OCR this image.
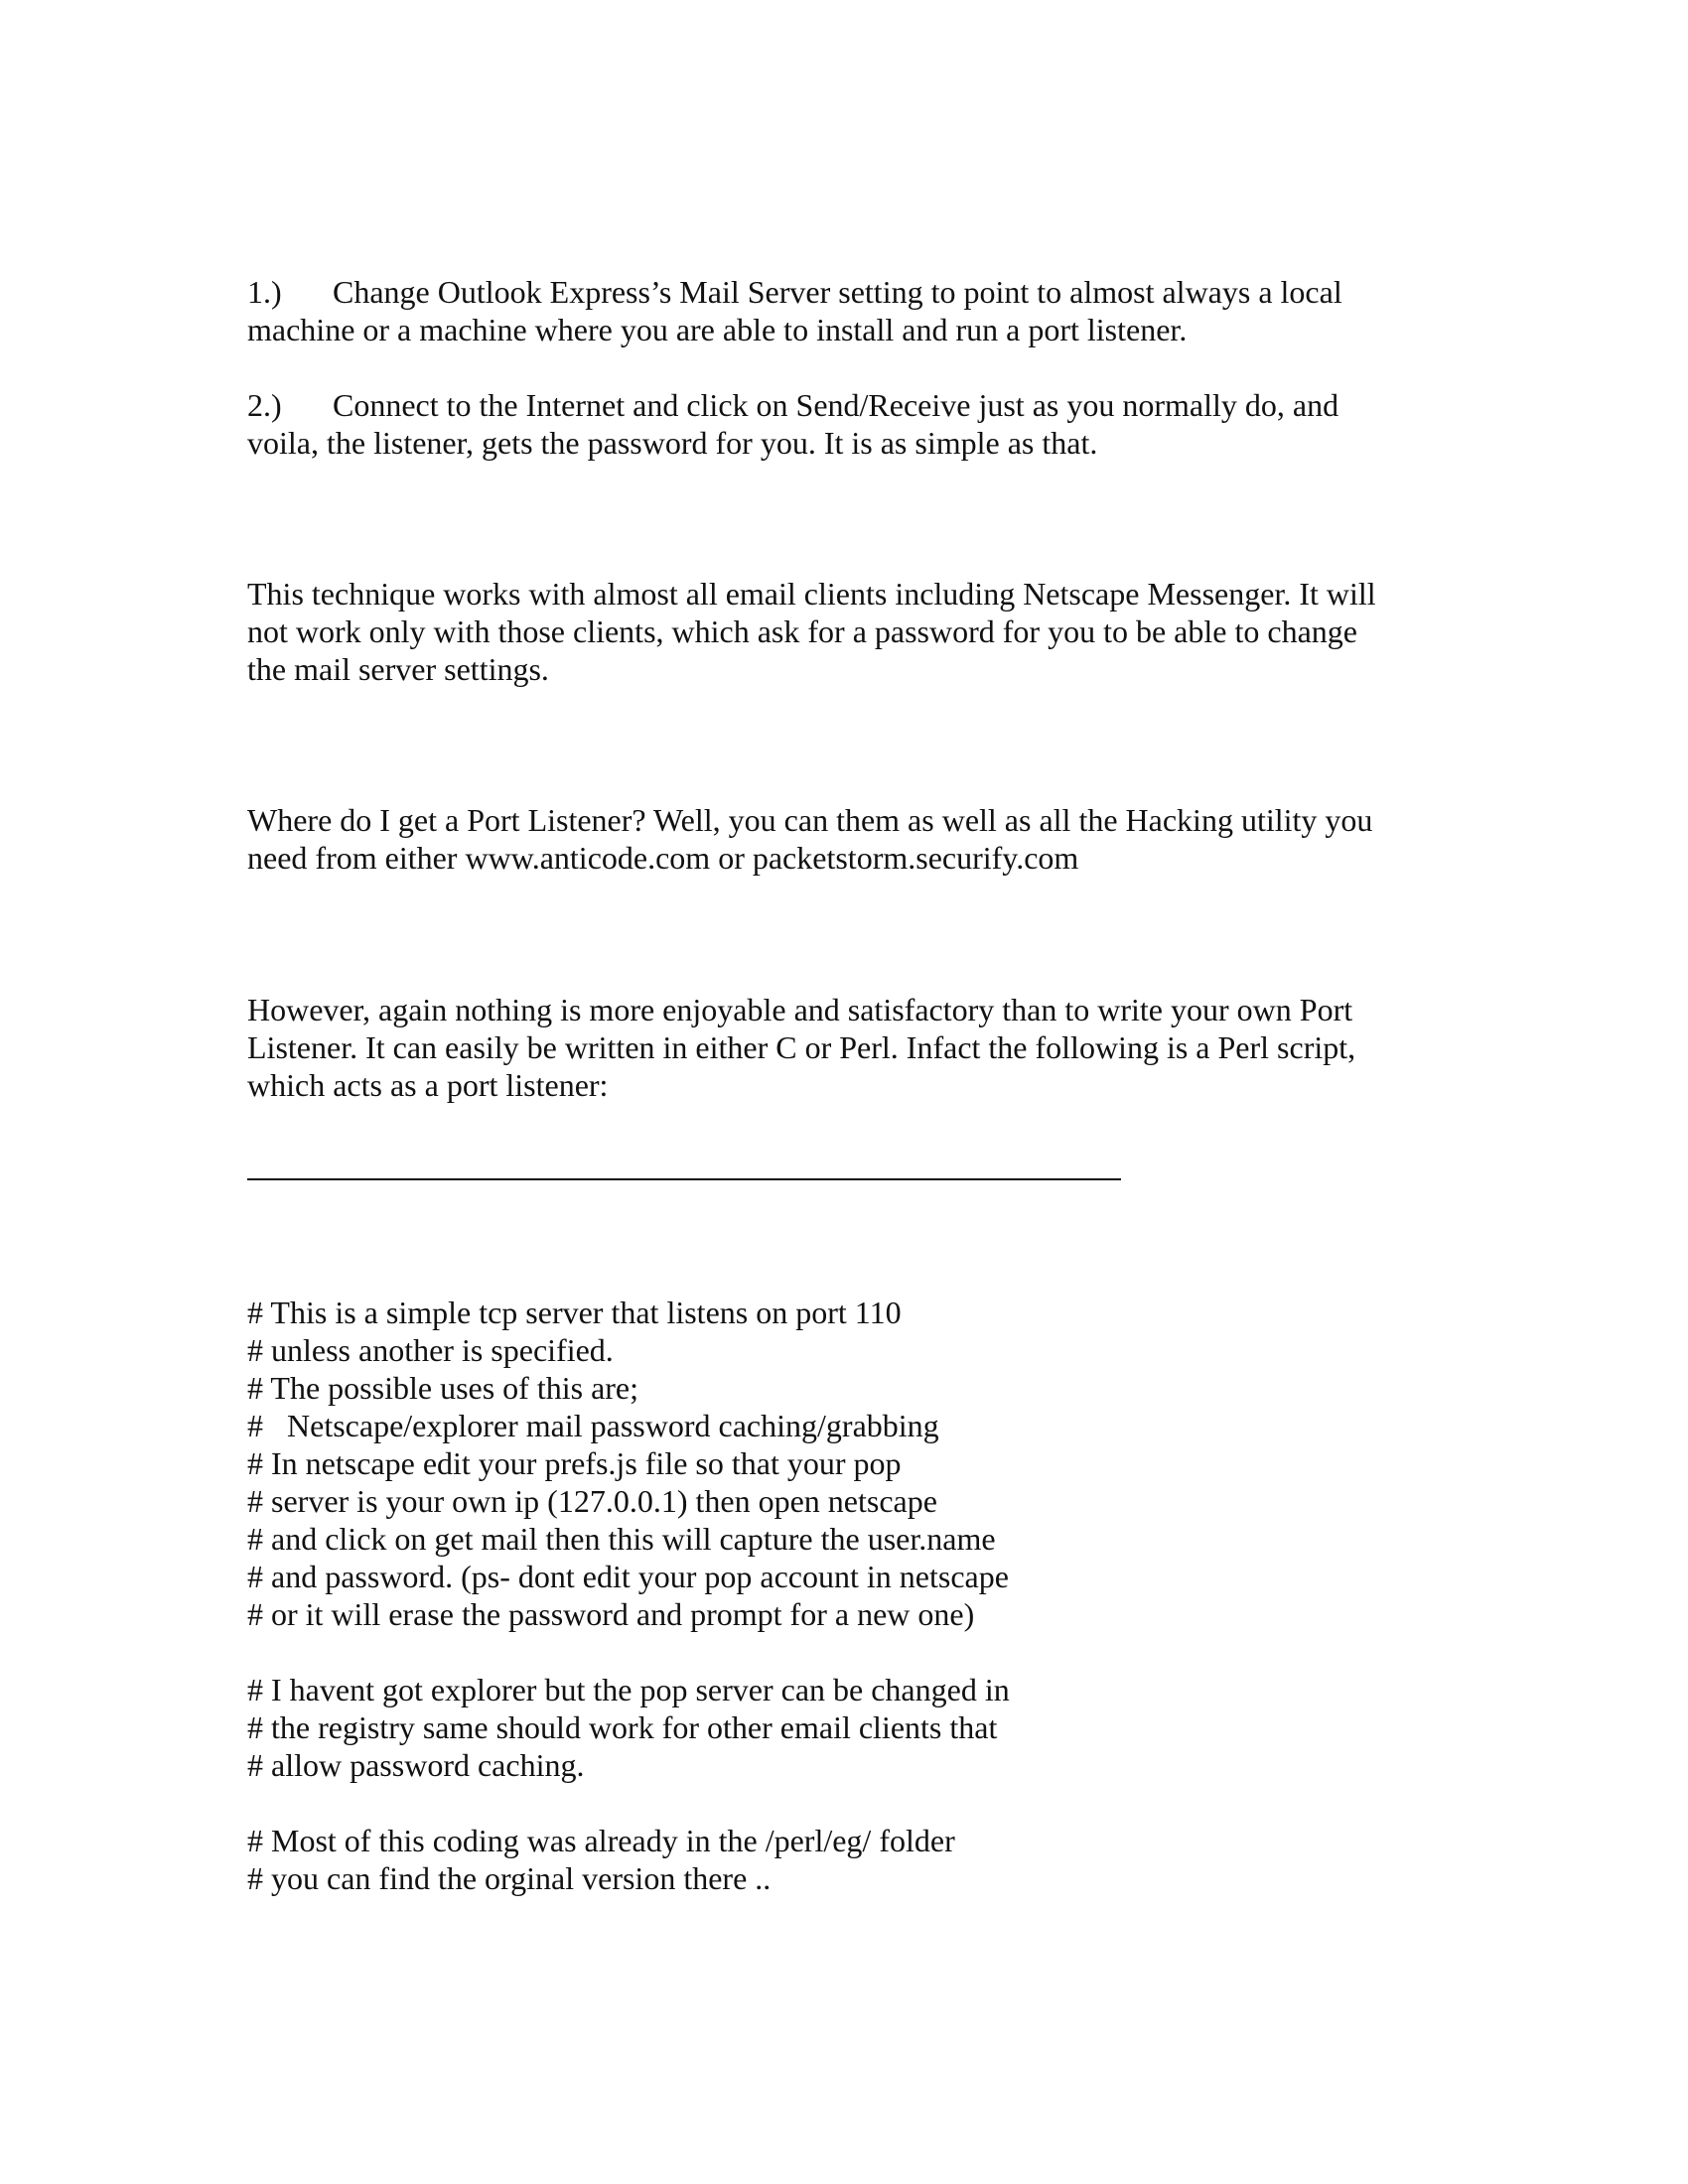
1.) Change Outlook Express’s Mail Server setting to point to almost always a local
machine or a machine where you are able to install and run a port listener.
2.) Connect to the Internet and click on Send/Receive just as you normally do, and
voila, the listener, gets the password for you. It is as simple as that.
This technique works with almost all email clients including Netscape Messenger. It will
not work only with those clients, which ask for a password for you to be able to change
the mail server settings.
Where do I get a Port Listener? Well, you can them as well as all the Hacking utility you
need from either www.anticode.com or packetstorm.securify.com
However, again nothing is more enjoyable and satisfactory than to write your own Port
Listener. It can easily be written in either C or Perl. Infact the following is a Perl script,
which acts as a port listener:
# This is a simple tcp server that listens on port 110
# unless another is specified.
# The possible uses of this are;
#   Netscape/explorer mail password caching/grabbing
# In netscape edit your prefs.js file so that your pop
# server is your own ip (127.0.0.1) then open netscape
# and click on get mail then this will capture the user.name
# and password. (ps- dont edit your pop account in netscape
# or it will erase the password and prompt for a new one)
# I havent got explorer but the pop server can be changed in
# the registry same should work for other email clients that
# allow password caching.
# Most of this coding was already in the /perl/eg/ folder
# you can find the orginal version there ..
